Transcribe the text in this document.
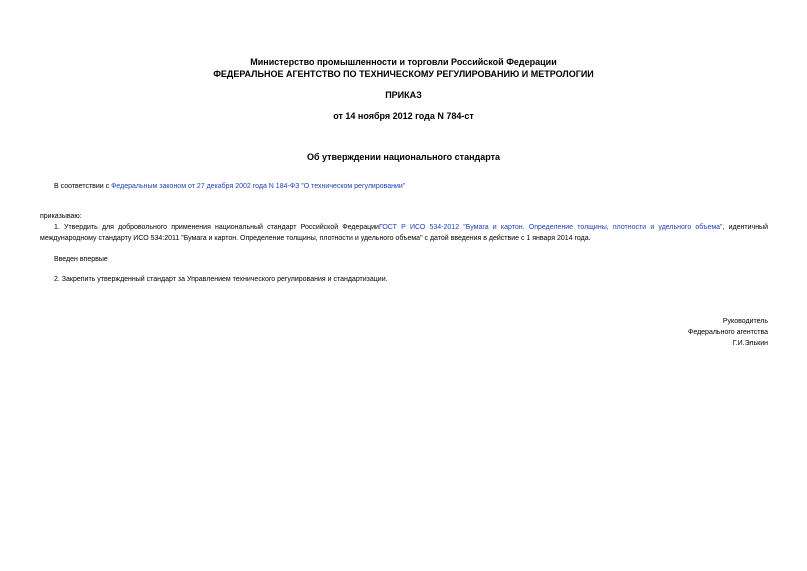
Министерство промышленности и торговли Российской Федерации
ФЕДЕРАЛЬНОЕ АГЕНТСТВО ПО ТЕХНИЧЕСКОМУ РЕГУЛИРОВАНИЮ И МЕТРОЛОГИИ
ПРИКАЗ
от 14 ноября 2012 года N 784-ст
Об утверждении национального стандарта
В соответствии с Федеральным законом от 27 декабря 2002 года N 184-ФЗ "О техническом регулировании"
приказываю:
1. Утвердить для добровольного применения национальный стандарт Российской ФедерацииГОСТ Р ИСО 534-2012 "Бумага и картон. Определение толщины, плотности и удельного объема", идентичный международному стандарту ИСО 534:2011 "Бумага и картон. Определение толщины, плотности и удельного объема" с датой введения в действие с 1 января 2014 года.
Введен впервые
2. Закрепить утвержденный стандарт за Управлением технического регулирования и стандартизации.
Руководитель
Федерального агентства
Г.И.Элькин
